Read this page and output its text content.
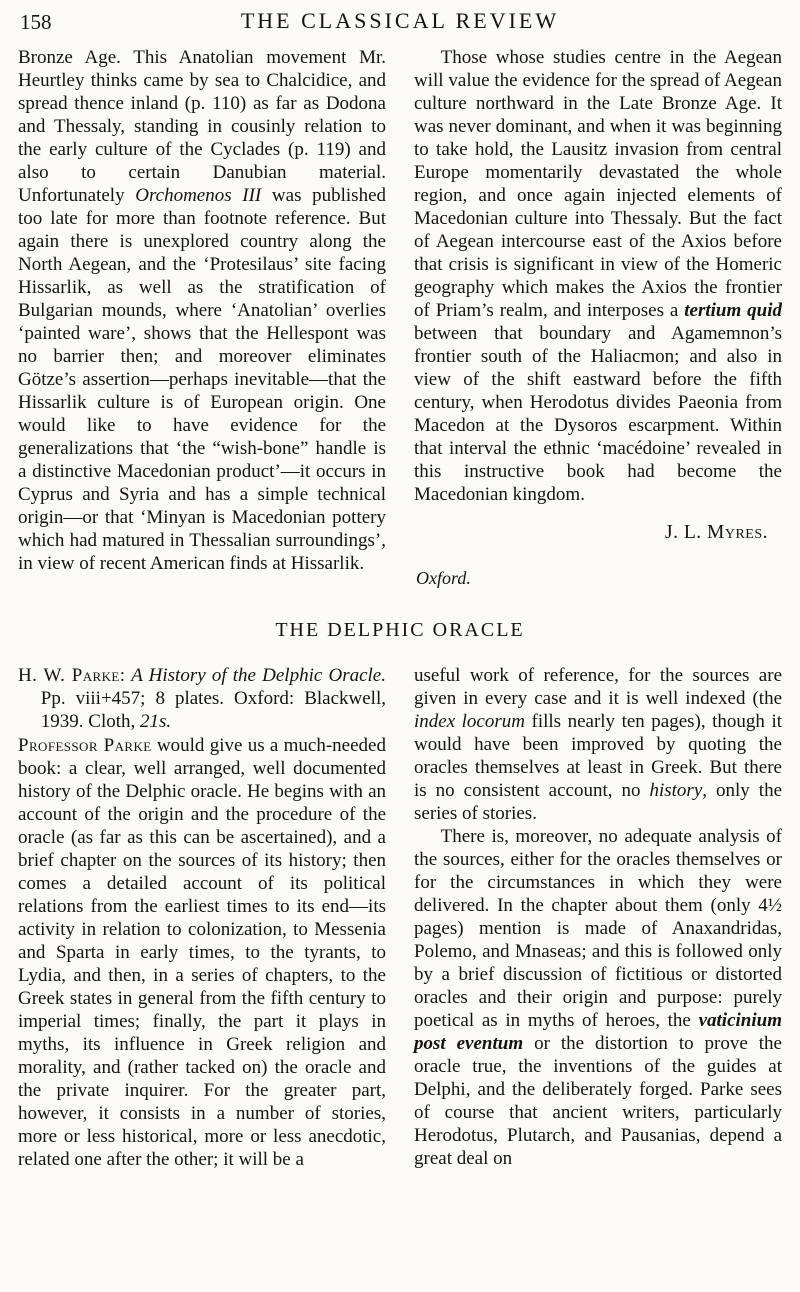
158	THE CLASSICAL REVIEW

Bronze Age. This Anatolian movement Mr. Heurtley thinks came by sea to Chalcidice, and spread thence inland (p. 110) as far as Dodona and Thessaly, standing in cousinly relation to the early culture of the Cyclades (p. 119) and also to certain Danubian material. Unfortunately Orchomenos III was published too late for more than footnote reference. But again there is unexplored country along the North Aegean, and the ‘Protesilaus’ site facing Hissarlik, as well as the stratification of Bulgarian mounds, where ‘Anatolian’ overlies ‘painted ware’, shows that the Hellespont was no barrier then; and moreover eliminates Götze’s assertion—perhaps inevitable—that the Hissarlik culture is of European origin. One would like to have evidence for the generalizations that ‘the “wish-bone” handle is a distinctive Macedonian product’—it occurs in Cyprus and Syria and has a simple technical origin—or that ‘Minyan is Macedonian pottery which had matured in Thessalian surroundings’, in view of recent American finds at Hissarlik.

Those whose studies centre in the Aegean will value the evidence for the spread of Aegean culture northward in the Late Bronze Age. It was never dominant, and when it was beginning to take hold, the Lausitz invasion from central Europe momentarily devastated the whole region, and once again injected elements of Macedonian culture into Thessaly. But the fact of Aegean intercourse east of the Axios before that crisis is significant in view of the Homeric geography which makes the Axios the frontier of Priam’s realm, and interposes a tertium quid between that boundary and Agamemnon’s frontier south of the Haliacmon; and also in view of the shift eastward before the fifth century, when Herodotus divides Paeonia from Macedon at the Dysoros escarpment. Within that interval the ethnic ‘macédoine’ revealed in this instructive book had become the Macedonian kingdom.

J. L. Myres.

Oxford.

THE DELPHIC ORACLE

H. W. Parke: A History of the Delphic Oracle. Pp. viii+457; 8 plates. Oxford: Blackwell, 1939. Cloth, 21s.

Professor Parke would give us a much-needed book: a clear, well arranged, well documented history of the Delphic oracle. He begins with an account of the origin and the procedure of the oracle (as far as this can be ascertained), and a brief chapter on the sources of its history; then comes a detailed account of its political relations from the earliest times to its end—its activity in relation to colonization, to Messenia and Sparta in early times, to the tyrants, to Lydia, and then, in a series of chapters, to the Greek states in general from the fifth century to imperial times; finally, the part it plays in myths, its influence in Greek religion and morality, and (rather tacked on) the oracle and the private inquirer. For the greater part, however, it consists in a number of stories, more or less historical, more or less anecdotic, related one after the other; it will be a

useful work of reference, for the sources are given in every case and it is well indexed (the index locorum fills nearly ten pages), though it would have been improved by quoting the oracles themselves at least in Greek. But there is no consistent account, no history, only the series of stories.

There is, moreover, no adequate analysis of the sources, either for the oracles themselves or for the circumstances in which they were delivered. In the chapter about them (only 4½ pages) mention is made of Anaxandridas, Polemo, and Mnaseas; and this is followed only by a brief discussion of fictitious or distorted oracles and their origin and purpose: purely poetical as in myths of heroes, the vaticinium post eventum or the distortion to prove the oracle true, the inventions of the guides at Delphi, and the deliberately forged. Parke sees of course that ancient writers, particularly Herodotus, Plutarch, and Pausanias, depend a great deal on
